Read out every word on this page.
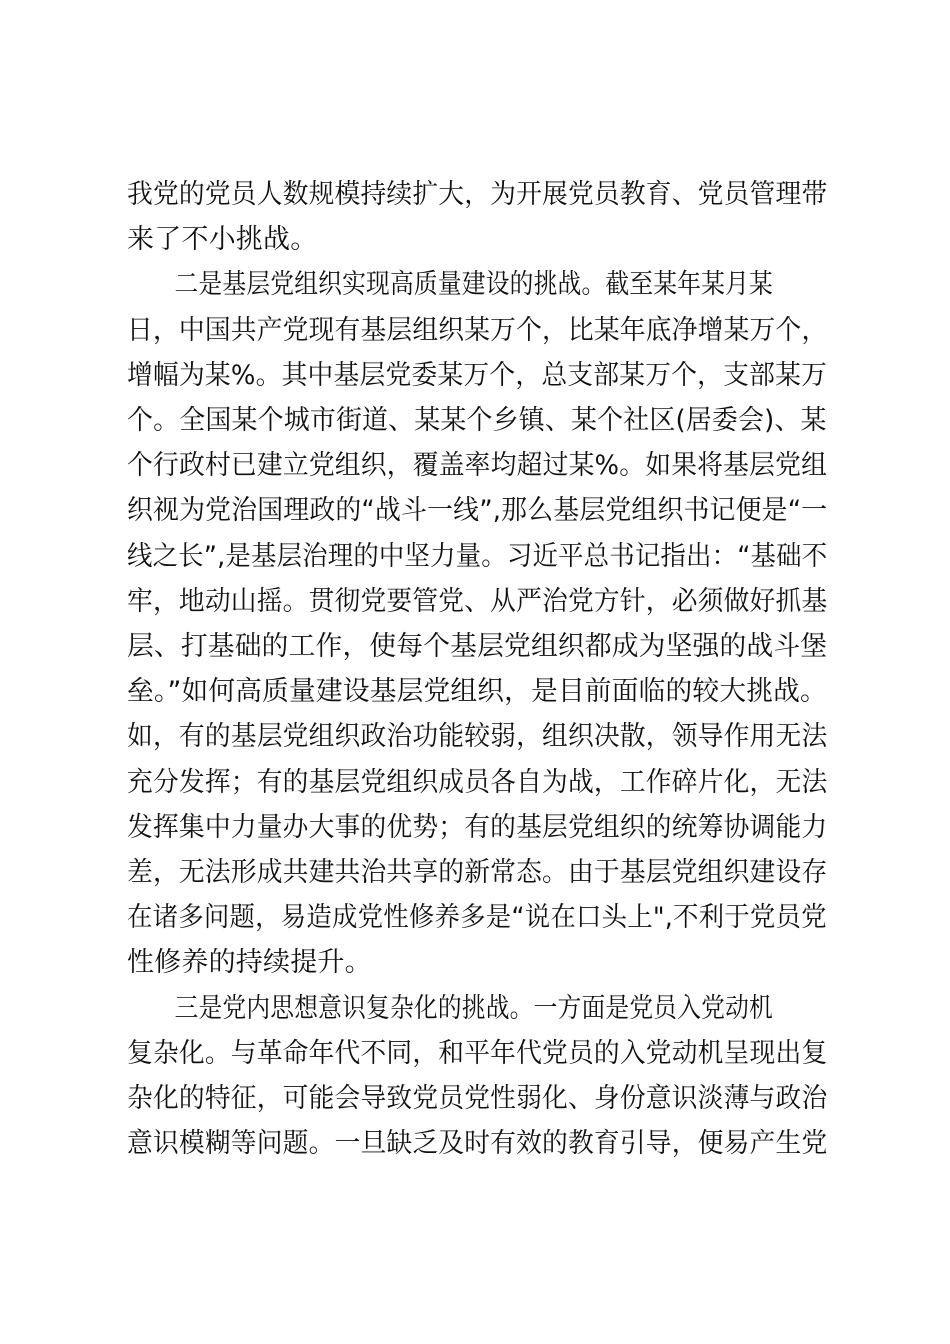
我党的党员人数规模持续扩大，为开展党员教育、党员管理带
来了不小挑战。

二是基层党组织实现高质量建设的挑战。截至某年某月某
日，中国共产党现有基层组织某万个，比某年底净增某万个，
增幅为某%。其中基层党委某万个，总支部某万个，支部某万
个。全国某个城市街道、某某个乡镇、某个社区(居委会)、某
个行政村已建立党组织，覆盖率均超过某%。如果将基层党组
织视为党治国理政的“战斗一线”,那么基层党组织书记便是“一
线之长”,是基层治理的中坚力量。习近平总书记指出：“基础不
牢，地动山摇。贯彻党要管党、从严治党方针，必须做好抓基
层、打基础的工作，使每个基层党组织都成为坚强的战斗堡
垒。”如何高质量建设基层党组织，是目前面临的较大挑战。
如，有的基层党组织政治功能较弱，组织决散，领导作用无法
充分发挥；有的基层党组织成员各自为战，工作碎片化，无法
发挥集中力量办大事的优势；有的基层党组织的统筹协调能力
差，无法形成共建共治共享的新常态。由于基层党组织建设存
在诸多问题，易造成党性修养多是“说在口头上",不利于党员党
性修养的持续提升。

三是党内思想意识复杂化的挑战。一方面是党员入党动机
复杂化。与革命年代不同，和平年代党员的入党动机呈现出复
杂化的特征，可能会导致党员党性弱化、身份意识淡薄与政治
意识模糊等问题。一旦缺乏及时有效的教育引导，便易产生党
